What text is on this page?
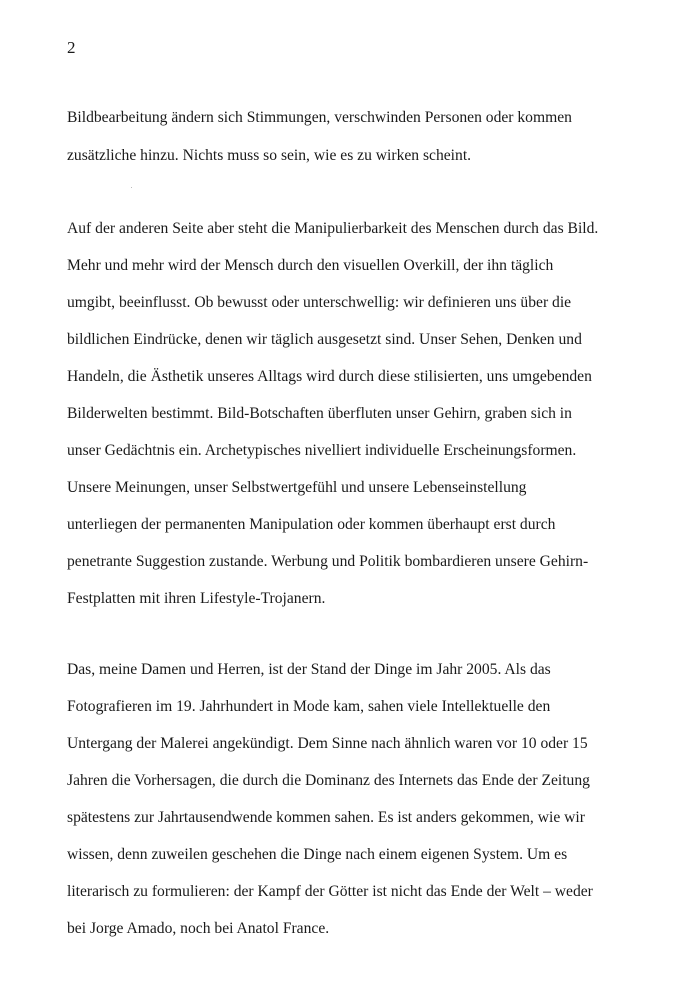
2
Bildbearbeitung ändern sich Stimmungen, verschwinden Personen oder kommen
zusätzliche hinzu. Nichts muss so sein, wie es zu wirken scheint.
Auf der anderen Seite aber steht die Manipulierbarkeit des Menschen durch das Bild.
Mehr und mehr wird der Mensch durch den visuellen Overkill, der ihn täglich
umgibt, beeinflusst. Ob bewusst oder unterschwellig: wir definieren uns über die
bildlichen Eindrücke, denen wir täglich ausgesetzt sind. Unser Sehen, Denken und
Handeln, die Ästhetik unseres Alltags wird durch diese stilisierten, uns umgebenden
Bilderwelten bestimmt. Bild-Botschaften überfluten unser Gehirn, graben sich in
unser Gedächtnis ein. Archetypisches nivelliert individuelle Erscheinungsformen.
Unsere Meinungen, unser Selbstwertgefühl und unsere Lebenseinstellung
unterliegen der permanenten Manipulation oder kommen überhaupt erst durch
penetrante Suggestion zustande. Werbung und Politik bombardieren unsere Gehirn-
Festplatten mit ihren Lifestyle-Trojanern.
Das, meine Damen und Herren, ist der Stand der Dinge im Jahr 2005. Als das
Fotografieren im 19. Jahrhundert in Mode kam, sahen viele Intellektuelle den
Untergang der Malerei angekündigt. Dem Sinne nach ähnlich waren vor 10 oder 15
Jahren die Vorhersagen, die durch die Dominanz des Internets das Ende der Zeitung
spätestens zur Jahrtausendwende kommen sahen. Es ist anders gekommen, wie wir
wissen, denn zuweilen geschehen die Dinge nach einem eigenen System. Um es
literarisch zu formulieren: der Kampf der Götter ist nicht das Ende der Welt – weder
bei Jorge Amado, noch bei Anatol France.
